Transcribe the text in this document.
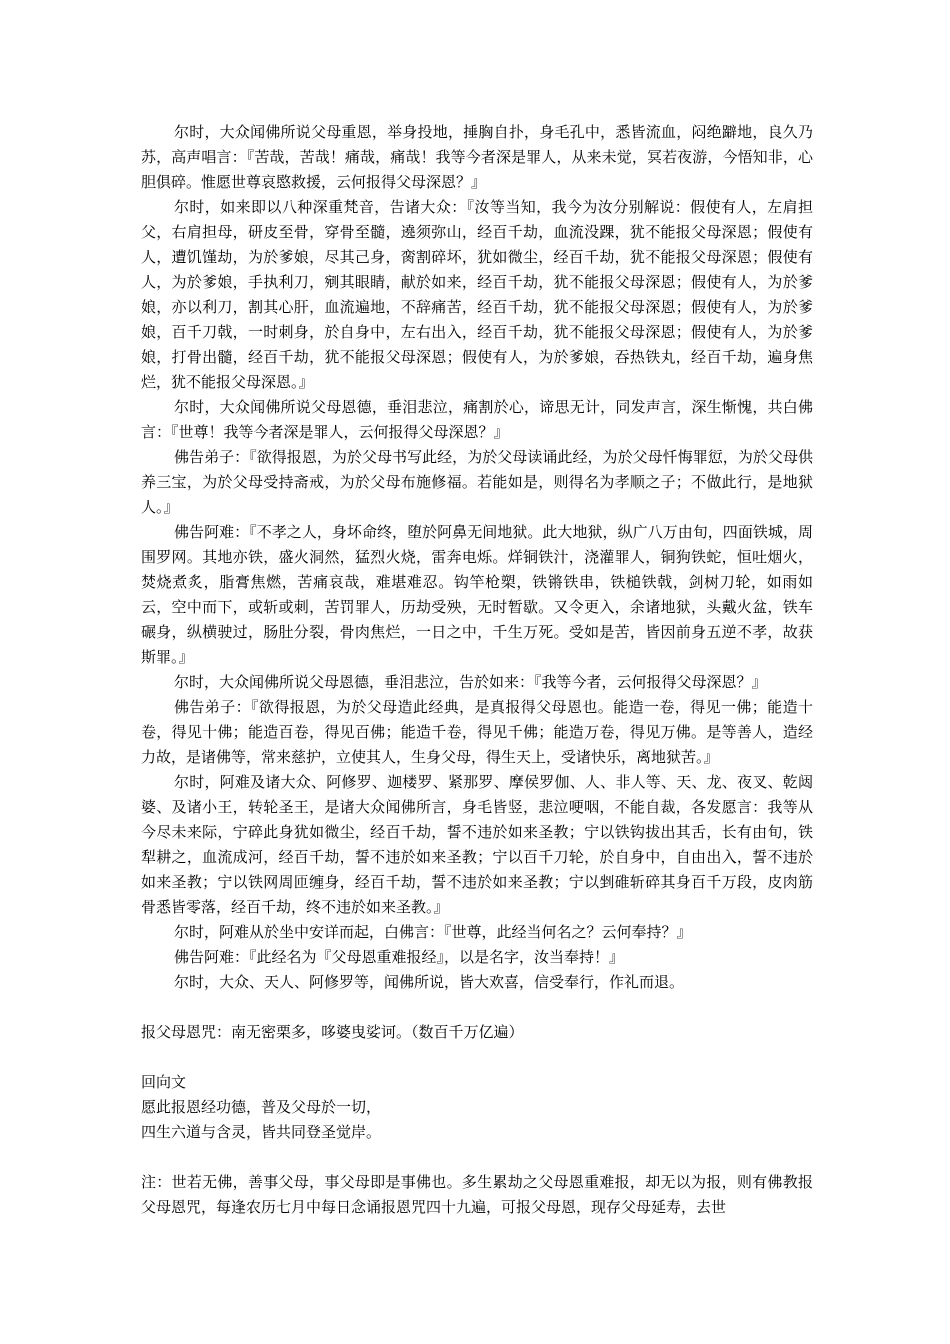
尔时，大众闻佛所说父母重恩，举身投地，捶胸自扑，身毛孔中，悉皆流血，闷绝躃地，良久乃苏，高声唱言：『苦哉，苦哉！痛哉，痛哉！我等今者深是罪人，从来未觉，冥若夜游，今悟知非，心胆俱碎。惟愿世尊哀愍救援，云何报得父母深恩？』

尔时，如来即以八种深重梵音，告诸大众：『汝等当知，我今为汝分别解说：假使有人，左肩担父，右肩担母，研皮至骨，穿骨至髓，遶须弥山，经百千劫，血流没踝，犹不能报父母深恩；假使有人，遭饥馑劫，为於爹娘，尽其己身，脔割碎坏，犹如微尘，经百千劫，犹不能报父母深恩；假使有人，为於爹娘，手执利刀，剜其眼睛，献於如来，经百千劫，犹不能报父母深恩；假使有人，为於爹娘，亦以利刀，割其心肝，血流遍地，不辞痛苦，经百千劫，犹不能报父母深恩；假使有人，为於爹娘，百千刀戟，一时刺身，於自身中，左右出入，经百千劫，犹不能报父母深恩；假使有人，为於爹娘，打骨出髓，经百千劫，犹不能报父母深恩；假使有人，为於爹娘，吞热铁丸，经百千劫，遍身焦烂，犹不能报父母深恩。』

尔时，大众闻佛所说父母恩德，垂泪悲泣，痛割於心，谛思无计，同发声言，深生惭愧，共白佛言：『世尊！我等今者深是罪人，云何报得父母深恩？』

佛告弟子：『欲得报恩，为於父母书写此经，为於父母读诵此经，为於父母忏悔罪愆，为於父母供养三宝，为於父母受持斋戒，为於父母布施修福。若能如是，则得名为孝顺之子；不做此行，是地狱人。』

佛告阿难：『不孝之人，身坏命终，堕於阿鼻无间地狱。此大地狱，纵广八万由旬，四面铁城，周围罗网。其地亦铁，盛火洞然，猛烈火烧，雷奔电烁。烊铜铁汁，浇灌罪人，铜狗铁蛇，恒吐烟火，焚烧煮炙，脂膏焦燃，苦痛哀哉，难堪难忍。钩竿枪槊，铁锵铁串，铁槌铁戟，剑树刀轮，如雨如云，空中而下，或斩或刺，苦罚罪人，历劫受殃，无时暂歇。又令更入，余诸地狱，头戴火盆，铁车碾身，纵横驶过，肠肚分裂，骨肉焦烂，一日之中，千生万死。受如是苦，皆因前身五逆不孝，故获斯罪。』

尔时，大众闻佛所说父母恩德，垂泪悲泣，告於如来：『我等今者，云何报得父母深恩？』

佛告弟子：『欲得报恩，为於父母造此经典，是真报得父母恩也。能造一卷，得见一佛；能造十卷，得见十佛；能造百卷，得见百佛；能造千卷，得见千佛；能造万卷，得见万佛。是等善人，造经力故，是诸佛等，常来慈护，立使其人，生身父母，得生天上，受诸快乐，离地狱苦。』

尔时，阿难及诸大众、阿修罗、迦楼罗、紧那罗、摩侯罗伽、人、非人等、天、龙、夜叉、乾闼婆、及诸小王，转轮圣王，是诸大众闻佛所言，身毛皆竖，悲泣哽咽，不能自裁，各发愿言：我等从今尽未来际，宁碎此身犹如微尘，经百千劫，誓不违於如来圣教；宁以铁钩拔出其舌，长有由旬，铁犁耕之，血流成河，经百千劫，誓不违於如来圣教；宁以百千刀轮，於自身中，自由出入，誓不违於如来圣教；宁以铁网周匝缠身，经百千劫，誓不违於如来圣教；宁以剉碓斩碎其身百千万段，皮肉筋骨悉皆零落，经百千劫，终不违於如来圣教。』

尔时，阿难从於坐中安详而起，白佛言：『世尊，此经当何名之？云何奉持？』

佛告阿难：『此经名为『父母恩重难报经』，以是名字，汝当奉持！』

尔时，大众、天人、阿修罗等，闻佛所说，皆大欢喜，信受奉行，作礼而退。

报父母恩咒：南无密栗多，哆婆曳娑诃。（数百千万亿遍）

回向文

愿此报恩经功德，普及父母於一切，

四生六道与含灵，皆共同登圣觉岸。

注：世若无佛，善事父母，事父母即是事佛也。多生累劫之父母恩重难报，却无以为报，则有佛教报父母恩咒，每逢农历七月中每日念诵报恩咒四十九遍，可报父母恩，现存父母延寿，去世
